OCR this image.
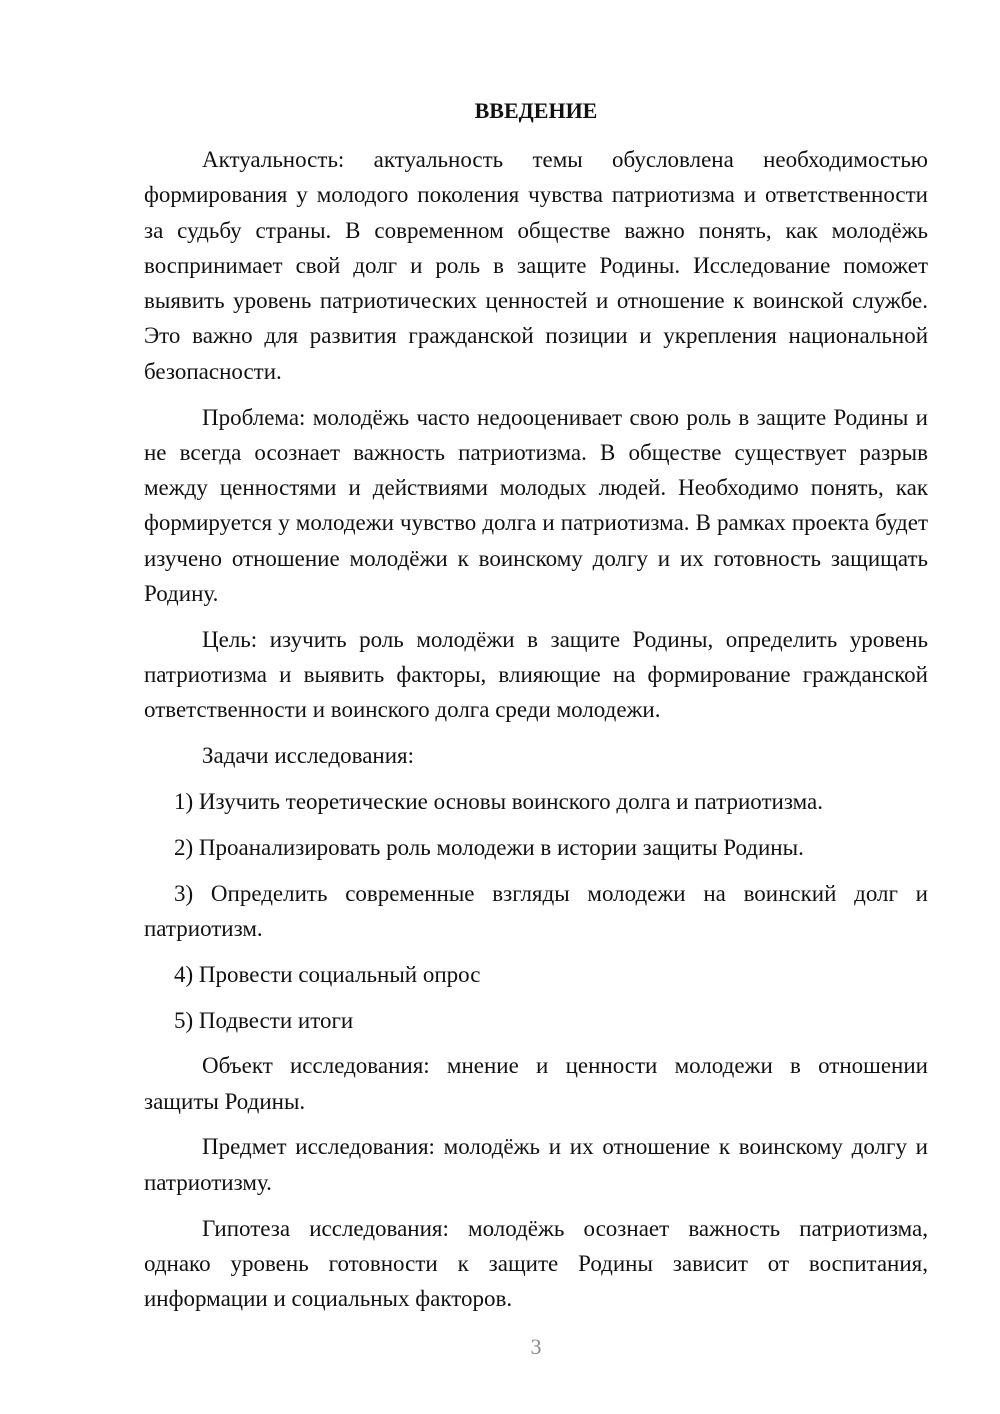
ВВЕДЕНИЕ

Актуальность: актуальность темы обусловлена необходимостью формирования у молодого поколения чувства патриотизма и ответственности за судьбу страны. В современном обществе важно понять, как молодёжь воспринимает свой долг и роль в защите Родины. Исследование поможет выявить уровень патриотических ценностей и отношение к воинской службе. Это важно для развития гражданской позиции и укрепления национальной безопасности.

Проблема: молодёжь часто недооценивает свою роль в защите Родины и не всегда осознает важность патриотизма. В обществе существует разрыв между ценностями и действиями молодых людей. Необходимо понять, как формируется у молодежи чувство долга и патриотизма. В рамках проекта будет изучено отношение молодёжи к воинскому долгу и их готовность защищать Родину.

Цель: изучить роль молодёжи в защите Родины, определить уровень патриотизма и выявить факторы, влияющие на формирование гражданской ответственности и воинского долга среди молодежи.

Задачи исследования:

1) Изучить теоретические основы воинского долга и патриотизма.

2) Проанализировать роль молодежи в истории защиты Родины.

3) Определить современные взгляды молодежи на воинский долг и патриотизм.

4) Провести социальный опрос

5) Подвести итоги

Объект исследования: мнение и ценности молодежи в отношении защиты Родины.

Предмет исследования: молодёжь и их отношение к воинскому долгу и патриотизму.

Гипотеза исследования: молодёжь осознает важность патриотизма, однако уровень готовности к защите Родины зависит от воспитания, информации и социальных факторов.

3
